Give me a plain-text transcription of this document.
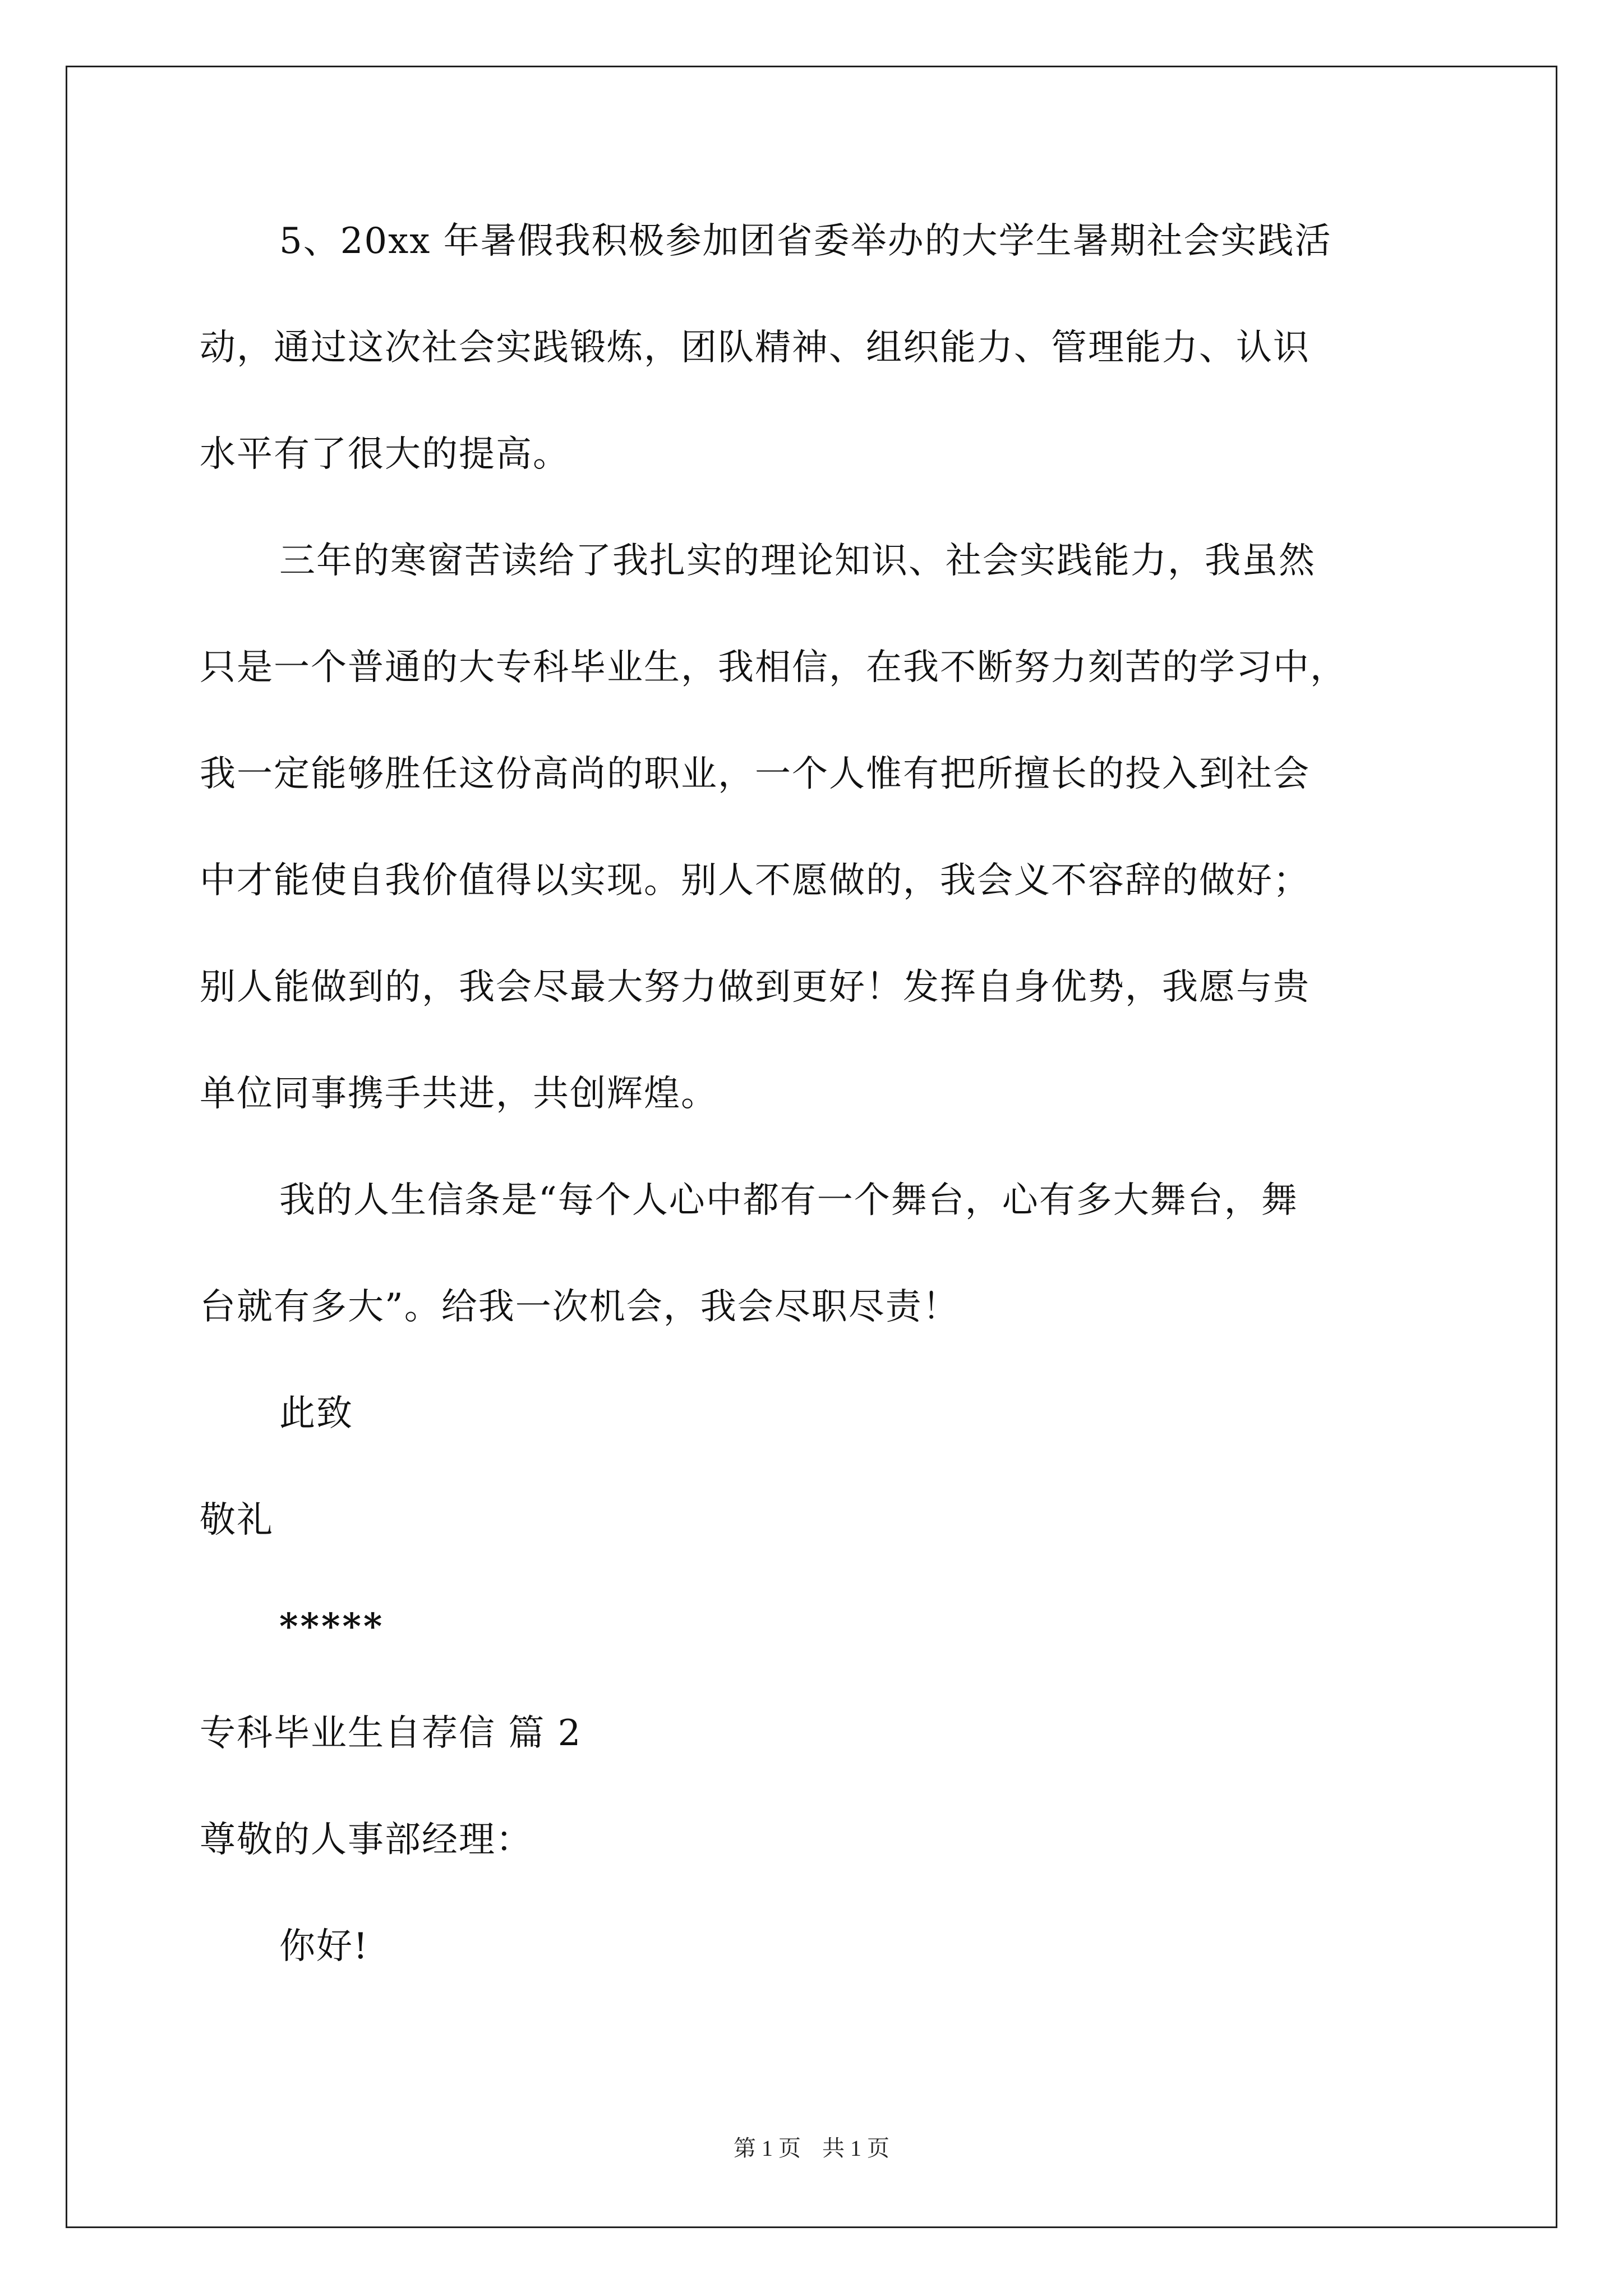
5、20xx 年暑假我积极参加团省委举办的大学生暑期社会实践活
动，通过这次社会实践锻炼，团队精神、组织能力、管理能力、认识
水平有了很大的提高。
三年的寒窗苦读给了我扎实的理论知识、社会实践能力，我虽然
只是一个普通的大专科毕业生，我相信，在我不断努力刻苦的学习中，
我一定能够胜任这份高尚的职业，一个人惟有把所擅长的投入到社会
中才能使自我价值得以实现。别人不愿做的，我会义不容辞的做好；
别人能做到的，我会尽最大努力做到更好！发挥自身优势，我愿与贵
单位同事携手共进，共创辉煌。
我的人生信条是“每个人心中都有一个舞台，心有多大舞台，舞
台就有多大”。给我一次机会，我会尽职尽责！
此致
敬礼
*****
专科毕业生自荐信 篇 2
尊敬的人事部经理：
你好!
第 1 页 共 1 页
